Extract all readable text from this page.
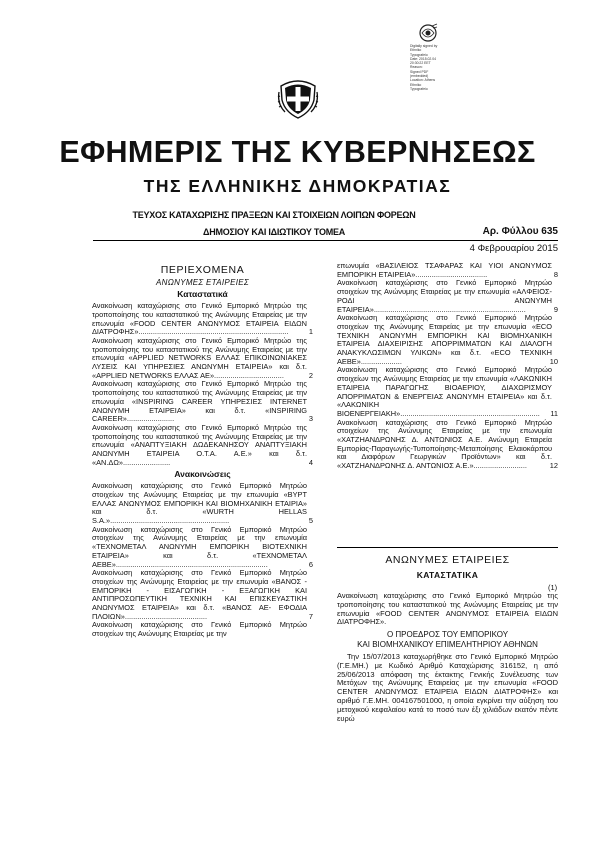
Digitally signed by
Ethniko
Typografeio
Date: 2015.02.04
20:30:22 EET
Reason:
Signed PDF
(embedded)
Location: Athens
Ethniko
Typografeio
ΕΦΗΜΕΡΙΣ ΤΗΣ ΚΥΒΕΡΝΗΣΕΩΣ
ΤΗΣ ΕΛΛΗΝΙΚΗΣ ΔΗΜΟΚΡΑΤΙΑΣ
ΤΕΥΧΟΣ ΚΑΤΑΧΩΡΙΣΗΣ ΠΡΑΞΕΩΝ ΚΑΙ ΣΤΟΙΧΕΙΩΝ ΛΟΙΠΩΝ ΦΟΡΕΩΝ
ΔΗΜΟΣΙΟΥ ΚΑΙ ΙΔΙΩΤΙΚΟΥ ΤΟΜΕΑ	Αρ. Φύλλου 635
4 Φεβρουαρίου 2015
ΠΕΡΙΕΧΟΜΕΝΑ
ΑΝΩΝΥΜΕΣ ΕΤΑΙΡΕΙΕΣ
Καταστατικά
Ανακοίνωση καταχώρισης στο Γενικό Εμπορικό Μητρώο της τροποποίησης του καταστατικού της Ανώνυμης Εταιρείας με την επωνυμία «FOOD CENTER ΑΝΩΝΥΜΟΣ ΕΤΑΙΡΕΙΑ ΕΙΔΩΝ ΔΙΑΤΡΟΦΗΣ».........................................................................	1
Ανακοίνωση καταχώρισης στο Γενικό Εμπορικό Μητρώο της τροποποίησης του καταστατικού της Ανώνυμης Εταιρείας με την επωνυμία «APPLIED NETWORKS ΕΛΛΑΣ ΕΠΙΚΟΙΝΩΝΙΑΚΕΣ ΛΥΣΕΙΣ ΚΑΙ ΥΠΗΡΕΣΙΕΣ ΑΝΩΝΥΜΗ ΕΤΑΙΡΕΙΑ» και δ.τ. «APPLIED NETWORKS ΕΛΛΑΣ ΑΕ»..................................	2
Ανακοίνωση καταχώρισης στο Γενικό Εμπορικό Μητρώο της τροποποίησης του καταστατικού της Ανώνυμης Εταιρείας με την επωνυμία «INSPIRING CAREER ΥΠΗΡΕΣΙΕΣ INTERNET ΑΝΩΝΥΜΗ ΕΤΑΙΡΕΙΑ» και δ.τ. «INSPIRING CAREER».......................	3
Ανακοίνωση καταχώρισης στο Γενικό Εμπορικό Μητρώο της τροποποίησης του καταστατικού της Ανώνυμης Εταιρείας με την επωνυμία «ΑΝΑΠΤΥΞΙΑΚΗ ΔΩΔΕΚΑΝΗΣΟΥ ΑΝΑΠΤΥΞΙΑΚΗ ΑΝΩΝΥΜΗ ΕΤΑΙΡΕΙΑ Ο.Τ.Α. Α.Ε.» και δ.τ. «ΑΝ.ΔΩ».......................	4
Ανακοινώσεις
Ανακοίνωση καταχώρισης στο Γενικό Εμπορικό Μητρώο στοιχείων της Ανώνυμης Εταιρείας με την επωνυμία «ΒΥΡΤ ΕΛΛΑΣ ΑΝΩΝΥΜΟΣ ΕΜΠΟΡΙΚΗ ΚΑΙ ΒΙΟΜΗΧΑΝΙΚΗ ΕΤΑΙΡΙΑ» και δ.τ. «WURTH HELLAS S.A.»..........................................................	5
Ανακοίνωση καταχώρισης στο Γενικό Εμπορικό Μητρώο στοιχείων της Ανώνυμης Εταιρείας με την επωνυμία «ΤΕΧΝΟΜΕΤΑΛ ΑΝΩΝΥΜΗ ΕΜΠΟΡΙΚΗ ΒΙΟΤΕΧΝΙΚΗ ΕΤΑΙΡΕΙΑ» και δ.τ. «ΤΕΧΝΟΜΕΤΑΛ ΑΕΒΕ»..........................................................................	6
Ανακοίνωση καταχώρισης στο Γενικό Εμπορικό Μητρώο στοιχείων της Ανώνυμης Εταιρείας με την επωνυμία «ΒΑΝΟΣ - ΕΜΠΟΡΙΚΗ - ΕΙΣΑΓΩΓΙΚΗ - ΕΞΑΓΩΓΙΚΗ ΚΑΙ ΑΝΤΙΠΡΟΣΩΠΕΥΤΙΚΗ ΤΕΧΝΙΚΗ ΚΑΙ ΕΠΙΣΚΕΥΑΣΤΙΚΗ ΑΝΩΝΥΜΟΣ ΕΤΑΙΡΕΙΑ» και δ.τ. «ΒΑΝΟΣ ΑΕ- ΕΦΟΔΙΑ ΠΛΟΙΩΝ»........................................	7
Ανακοίνωση καταχώρισης στο Γενικό Εμπορικό Μητρώο στοιχείων της Ανώνυμης Εταιρείας με την
επωνυμία «ΒΑΣΙΛΕΙΟΣ ΤΣΑΦΑΡΑΣ ΚΑΙ ΥΙΟΙ ΑΝΩΝΥΜΟΣ ΕΜΠΟΡΙΚΗ ΕΤΑΙΡΕΙΑ»...................................	8
Ανακοίνωση καταχώρισης στο Γενικό Εμπορικό Μητρώο στοιχείων της Ανώνυμης Εταιρείας με την επωνυμία «ΑΛΦΕΙΟΣ-ΡΟΔΙ ΑΝΩΝΥΜΗ ΕΤΑΙΡΕΙΑ»..........................................................................	9
Ανακοίνωση καταχώρισης στο Γενικό Εμπορικό Μητρώο στοιχείων της Ανώνυμης Εταιρείας με την επωνυμία «ECO ΤΕΧΝΙΚΗ ΑΝΩΝΥΜΗ ΕΜΠΟΡΙΚΗ ΚΑΙ ΒΙΟΜΗΧΑΝΙΚΗ ΕΤΑΙΡΕΙΑ ΔΙΑΧΕΙΡΙΣΗΣ ΑΠΟΡΡΙΜΜΑΤΩΝ ΚΑΙ ΔΙΑΛΟΓΗ ΑΝΑΚΥΚΛΩΣΙΜΩΝ ΥΛΙΚΩΝ» και δ.τ. «ECO ΤΕΧΝΙΚΗ ΑΕΒΕ»....................	10
Ανακοίνωση καταχώρισης στο Γενικό Εμπορικό Μητρώο στοιχείων της Ανώνυμης Εταιρείας με την επωνυμία «ΛΑΚΩΝΙΚΗ ΕΤΑΙΡΕΙΑ ΠΑΡΑΓΩΓΗΣ ΒΙΟΑΕΡΙΟΥ, ΔΙΑΧΩΡΙΣΜΟΥ ΑΠΟΡΡΙΜΑΤΩΝ & ΕΝΕΡΓΕΙΑΣ ΑΝΩΝΥΜΗ ΕΤΑΙΡΕΙΑ» και δ.τ. «ΛΑΚΩΝΙΚΗ ΒΙΟΕΝΕΡΓΕΙΑΚΗ».................................................................... 11
Ανακοίνωση καταχώρισης στο Γενικό Εμπορικό Μητρώο στοιχείων της Ανώνυμης Εταιρείας με την επωνυμία «ΧΑΤΖΗΑΝΔΡΩΝΗΣ Δ. ΑΝΤΩΝΙΟΣ Α.Ε. Ανώνυμη Εταιρεία Εμπορίας-Παραγωγής-Τυποποίησης-Μεταποίησης Ελαιοκάρπου και Διαφόρων Γεωργικών Προϊόντων» και δ.τ. «ΧΑΤΖΗΑΝΔΡΩΝΗΣ Δ. ΑΝΤΩΝΙΟΣ Α.Ε.»..........................	12
ΑΝΩΝΥΜΕΣ ΕΤΑΙΡΕΙΕΣ
ΚΑΤΑΣΤΑΤΙΚΑ
(1)
Ανακοίνωση καταχώρισης στο Γενικό Εμπορικό Μητρώο της τροποποίησης του καταστατικού της Ανώνυμης Εταιρείας με την επωνυμία «FOOD CENTER ΑΝΩΝΥΜΟΣ ΕΤΑΙΡΕΙΑ ΕΙΔΩΝ ΔΙΑΤΡΟΦΗΣ».
Ο ΠΡΟΕΔΡΟΣ ΤΟΥ ΕΜΠΟΡΙΚΟΥ
ΚΑΙ ΒΙΟΜΗΧΑΝΙΚΟΥ ΕΠΙΜΕΛΗΤΗΡΙΟΥ ΑΘΗΝΩΝ
Την 15/07/2013 καταχωρήθηκε στο Γενικό Εμπορικό Μητρώο (Γ.Ε.ΜΗ.) με Κωδικό Αριθμό Καταχώρισης 316152, η από 25/06/2013 απόφαση της έκτακτης Γενικής Συνέλευσης των Μετόχων της Ανώνυμης Εταιρείας με την επωνυμία «FOOD CENTER ΑΝΩΝΥΜΟΣ ΕΤΑΙΡΕΙΑ ΕΙΔΩΝ ΔΙΑΤΡΟΦΗΣ» και αριθμό Γ.Ε.ΜΗ. 004167501000, η οποία εγκρίνει την αύξηση του μετοχικού κεφαλαίου κατά το ποσό των έξι χιλιάδων εκατόν πέντε ευρώ
